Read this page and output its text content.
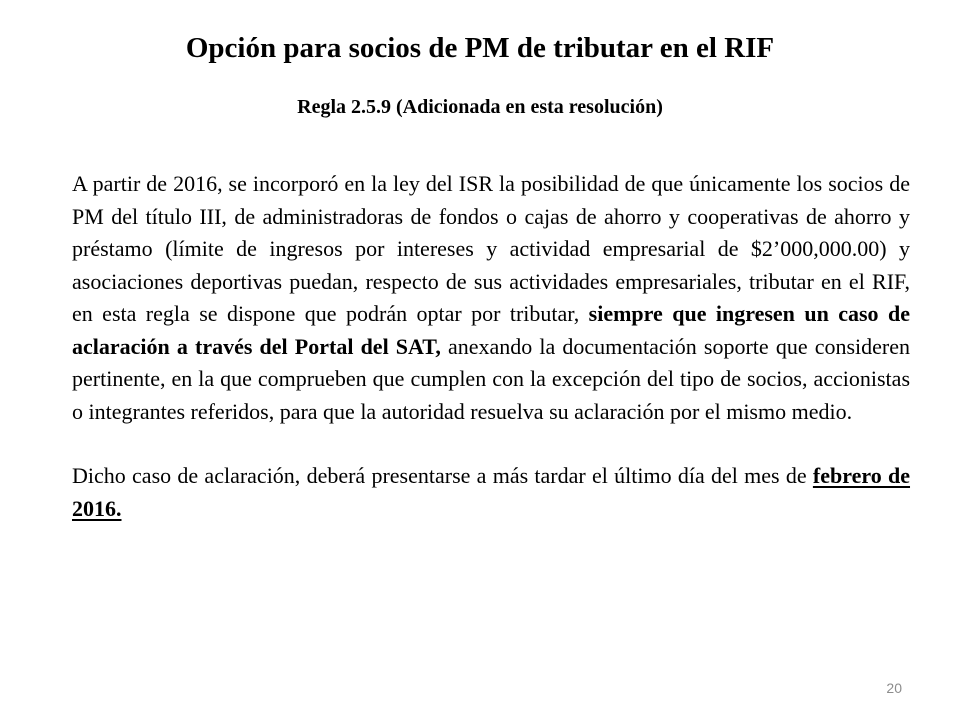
Opción para socios de PM de tributar en el RIF
Regla 2.5.9 (Adicionada en esta resolución)

A partir de 2016, se incorporó en la ley del ISR la posibilidad de que únicamente los socios de PM del título III, de administradoras de fondos o cajas de ahorro y cooperativas de ahorro y préstamo (límite de ingresos por intereses y actividad empresarial de $2’000,000.00) y asociaciones deportivas puedan, respecto de sus actividades empresariales, tributar en el RIF, en esta regla se dispone que podrán optar por tributar, siempre que ingresen un caso de aclaración a través del Portal del SAT, anexando la documentación soporte que consideren pertinente, en la que comprueben que cumplen con la excepción del tipo de socios, accionistas o integrantes referidos, para que la autoridad resuelva su aclaración por el mismo medio.

Dicho caso de aclaración, deberá presentarse a más tardar el último día del mes de febrero de 2016.

20
